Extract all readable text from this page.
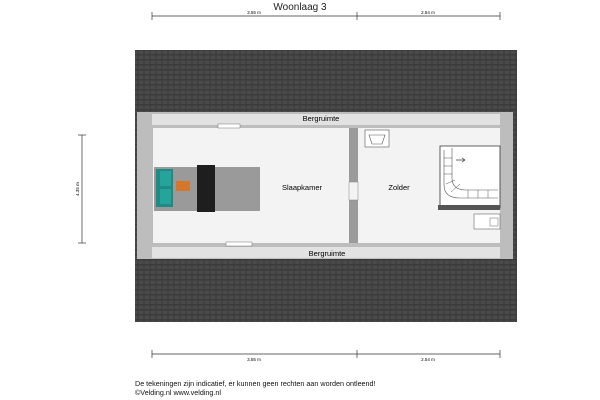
Woonlaag 3
3.55 m	2.54 m
4.35 m
Bergruimte
Bergruimte
Slaapkamer	Zolder
3.55 m	2.54 m
De tekeningen zijn indicatief, er kunnen geen rechten aan worden ontleend!
©Velding.nl www.velding.nl
